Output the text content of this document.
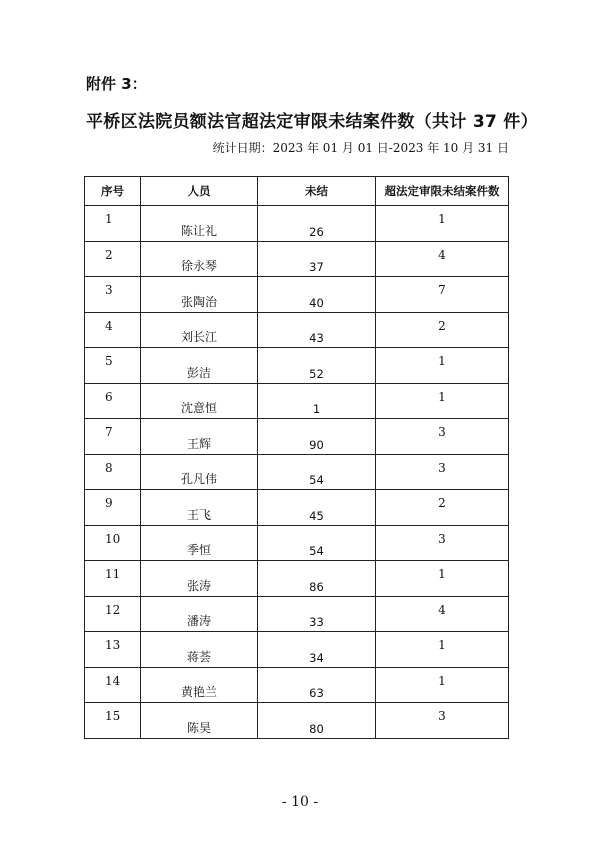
附件 3：
平桥区法院员额法官超法定审限未结案件数（共计 37 件）
统计日期：2023 年 01 月 01 日-2023 年 10 月 31 日
序号	人员	未结	超法定审限未结案件数
1	陈让礼	26	1
2	徐永琴	37	4
3	张陶治	40	7
4	刘长江	43	2
5	彭洁	52	1
6	沈意恒	1	1
7	王辉	90	3
8	孔凡伟	54	3
9	王飞	45	2
10	季恒	54	3
11	张涛	86	1
12	潘涛	33	4
13	蒋荟	34	1
14	黄艳兰	63	1
15	陈昊	80	3
- 10 -
